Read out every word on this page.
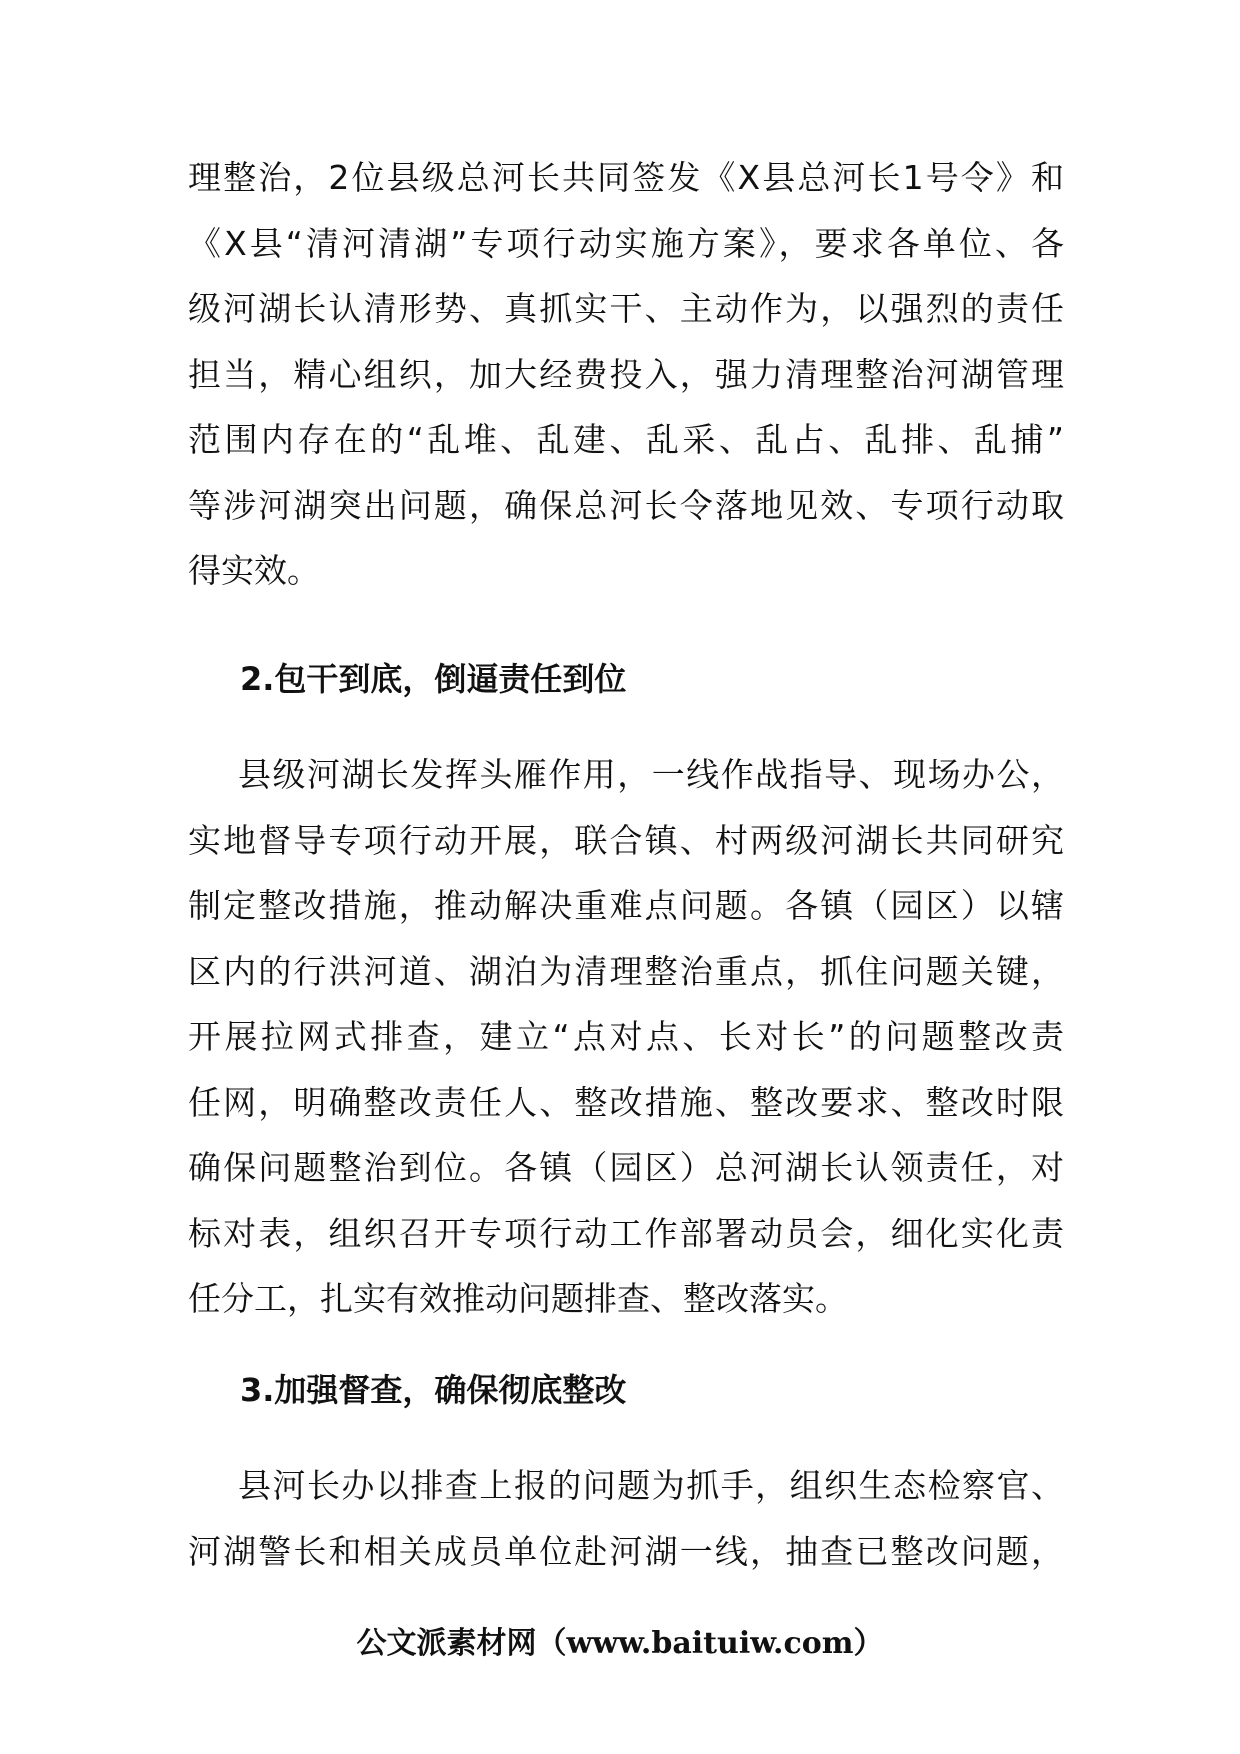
理整治，2位县级总河长共同签发《X县总河长1号令》和
《X县“清河清湖”专项行动实施方案》，要求各单位、各
级河湖长认清形势、真抓实干、主动作为，以强烈的责任
担当，精心组织，加大经费投入，强力清理整治河湖管理
范围内存在的“乱堆、乱建、乱采、乱占、乱排、乱捕”
等涉河湖突出问题，确保总河长令落地见效、专项行动取
得实效。
2.包干到底，倒逼责任到位
县级河湖长发挥头雁作用，一线作战指导、现场办公，
实地督导专项行动开展，联合镇、村两级河湖长共同研究
制定整改措施，推动解决重难点问题。各镇（园区）以辖
区内的行洪河道、湖泊为清理整治重点，抓住问题关键，
开展拉网式排查，建立“点对点、长对长”的问题整改责
任网，明确整改责任人、整改措施、整改要求、整改时限
确保问题整治到位。各镇（园区）总河湖长认领责任，对
标对表，组织召开专项行动工作部署动员会，细化实化责
任分工，扎实有效推动问题排查、整改落实。
3.加强督查，确保彻底整改
县河长办以排查上报的问题为抓手，组织生态检察官、
河湖警长和相关成员单位赴河湖一线，抽查已整改问题，
公文派素材网（www.baituiw.com）
